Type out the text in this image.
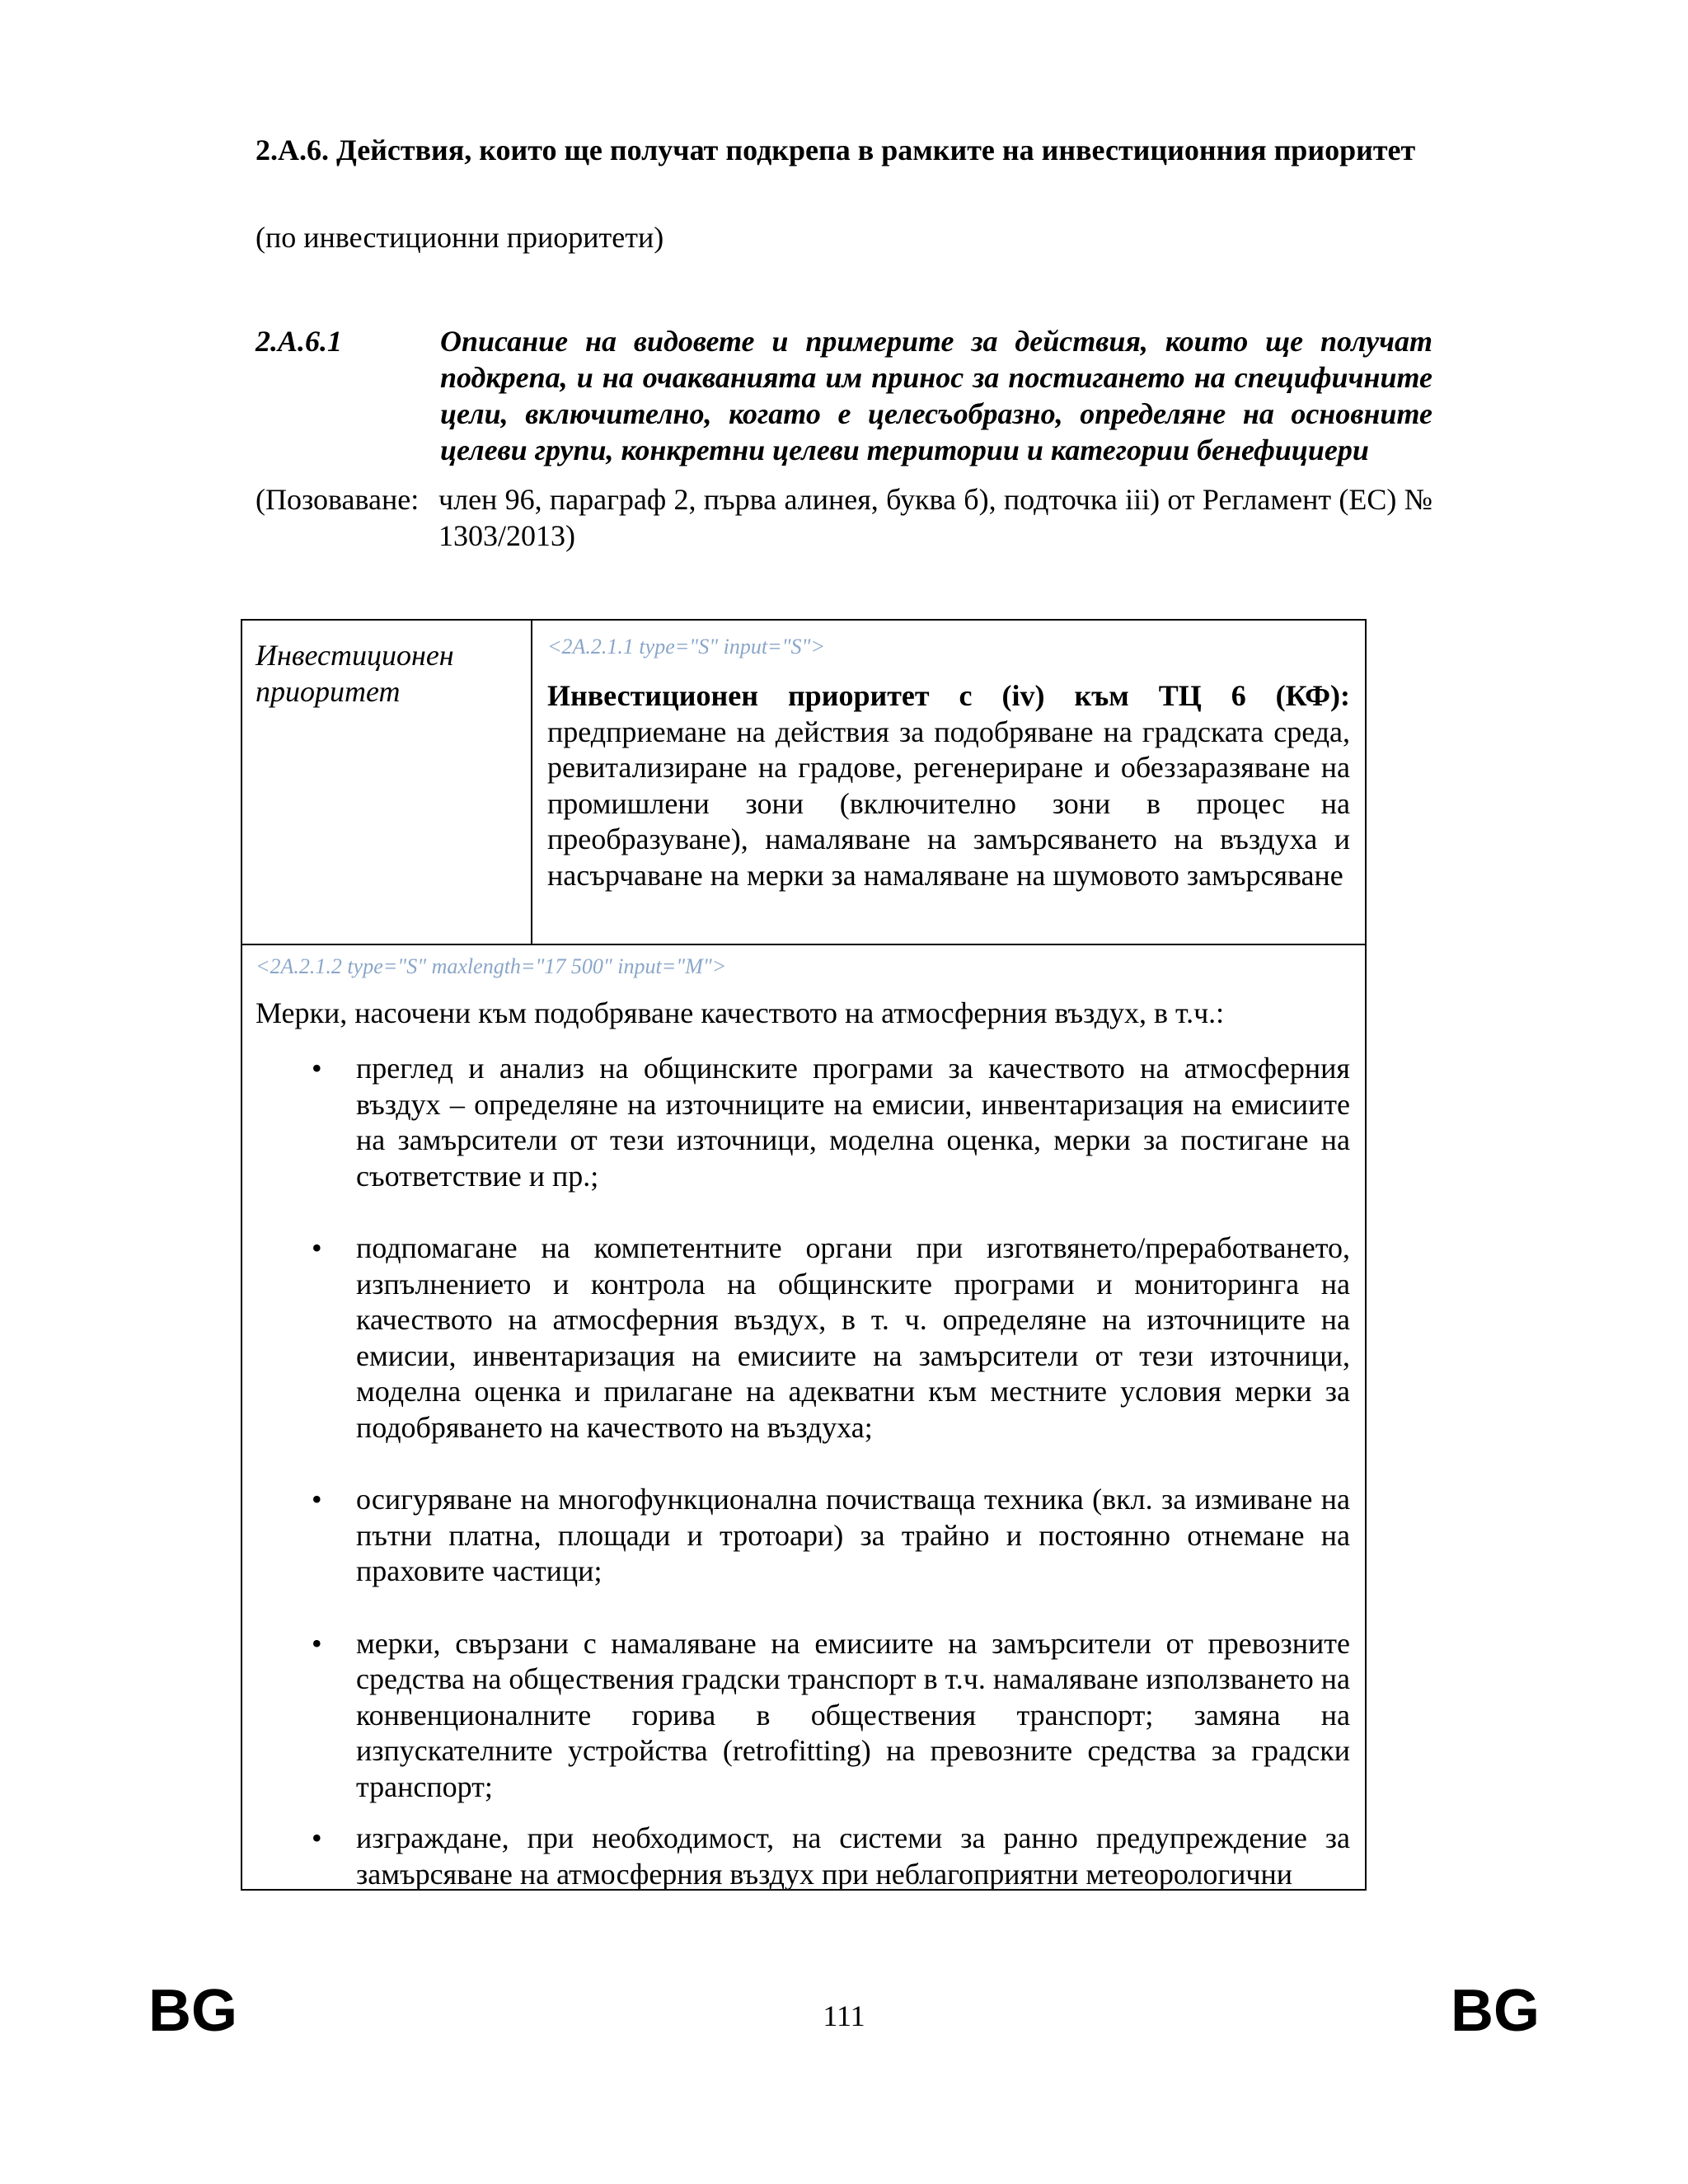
2.A.6. Действия, които ще получат подкрепа в рамките на инвестиционния приоритет

(по инвестиционни приоритети)

2.A.6.1	Описание на видовете и примерите за действия, които ще получат подкрепа, и на очакванията им принос за постигането на специфичните цели, включително, когато е целесъобразно, определяне на основните целеви групи, конкретни целеви територии и категории бенефициери

(Позоваване: член 96, параграф 2, първа алинея, буква б), подточка iii) от Регламент (ЕС) № 1303/2013)

Инвестиционен приоритет

<2A.2.1.1 type="S" input="S">

Инвестиционен приоритет с (iv) към ТЦ 6 (КФ): предприемане на действия за подобряване на градската среда, ревитализиране на градове, регенериране и обеззаразяване на промишлени зони (включително зони в процес на преобразуване), намаляване на замърсяването на въздуха и насърчаване на мерки за намаляване на шумовото замърсяване

<2A.2.1.2 type="S" maxlength="17 500" input="M">

Мерки, насочени към подобряване качеството на атмосферния въздух, в т.ч.:

• преглед и анализ на общинските програми за качеството на атмосферния въздух – определяне на източниците на емисии, инвентаризация на емисиите на замърсители от тези източници, моделна оценка, мерки за постигане на съответствие и пр.;
• подпомагане на компетентните органи при изготвянето/преработването, изпълнението и контрола на общинските програми и мониторинга на качеството на атмосферния въздух, в т. ч. определяне на източниците на емисии, инвентаризация на емисиите на замърсители от тези източници, моделна оценка и прилагане на адекватни към местните условия мерки за подобряването на качеството на въздуха;
• осигуряване на многофункционална почистваща техника (вкл. за измиване на пътни платна, площади и тротоари) за трайно и постоянно отнемане на праховите частици;
• мерки, свързани с намаляване на емисиите на замърсители от превозните средства на обществения градски транспорт в т.ч. намаляване използването на конвенционалните горива в обществения транспорт; замяна на изпускателните устройства (retrofitting) на превозните средства за градски транспорт;
• изграждане, при необходимост, на системи за ранно предупреждение за замърсяване на атмосферния въздух при неблагоприятни метеорологични
BG	111	BG
